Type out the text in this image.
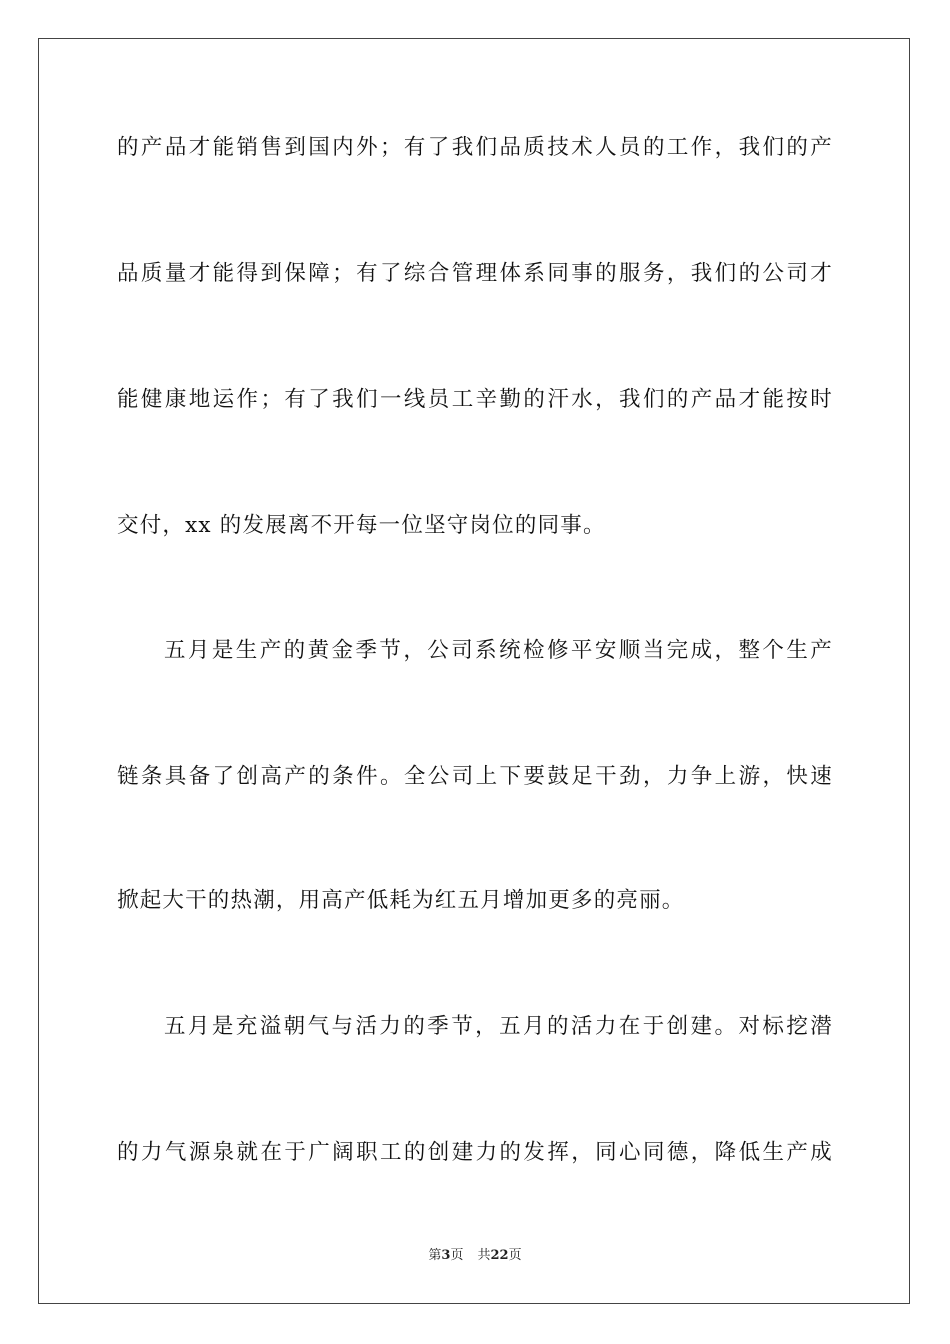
的产品才能销售到国内外；有了我们品质技术人员的工作，我们的产
品质量才能得到保障；有了综合管理体系同事的服务，我们的公司才
能健康地运作；有了我们一线员工辛勤的汗水，我们的产品才能按时
交付，xx 的发展离不开每一位坚守岗位的同事。
五月是生产的黄金季节，公司系统检修平安顺当完成，整个生产
链条具备了创高产的条件。全公司上下要鼓足干劲，力争上游，快速
掀起大干的热潮，用高产低耗为红五月增加更多的亮丽。
五月是充溢朝气与活力的季节，五月的活力在于创建。对标挖潜
的力气源泉就在于广阔职工的创建力的发挥，同心同德，降低生产成
第3页 共22页
